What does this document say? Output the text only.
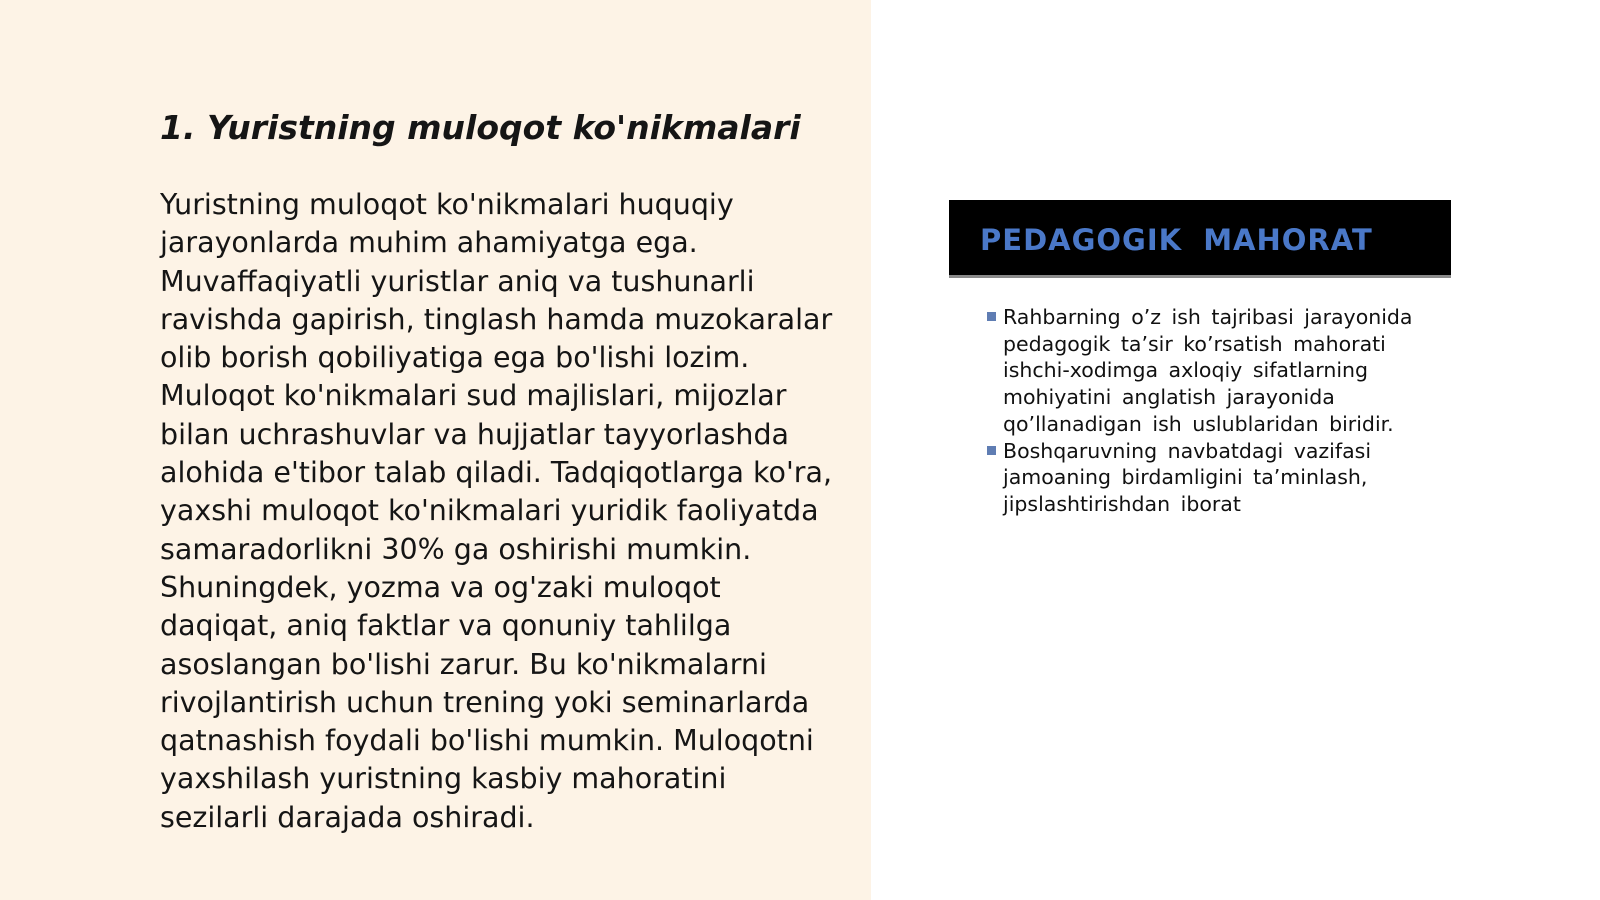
1. Yuristning muloqot ko'nikmalari

Yuristning muloqot ko'nikmalari huquqiy jarayonlarda muhim ahamiyatga ega. Muvaffaqiyatli yuristlar aniq va tushunarli ravishda gapirish, tinglash hamda muzokaralar olib borish qobiliyatiga ega bo'lishi lozim. Muloqot ko'nikmalari sud majlislari, mijozlar bilan uchrashuvlar va hujjatlar tayyorlashda alohida e'tibor talab qiladi. Tadqiqotlarga ko'ra, yaxshi muloqot ko'nikmalari yuridik faoliyatda samaradorlikni 30% ga oshirishi mumkin. Shuningdek, yozma va og'zaki muloqot daqiqat, aniq faktlar va qonuniy tahlilga asoslangan bo'lishi zarur. Bu ko'nikmalarni rivojlantirish uchun trening yoki seminarlarda qatnashish foydali bo'lishi mumkin. Muloqotni yaxshilash yuristning kasbiy mahoratini sezilarli darajada oshiradi.

PEDAGOGIK MAHORAT
Rahbarning o’z ish tajribasi jarayonida pedagogik ta’sir ko’rsatish mahorati ishchi-xodimga axloqiy sifatlarning mohiyatini anglatish jarayonida qo’llanadigan ish uslublaridan biridir.
Boshqaruvning navbatdagi vazifasi jamoaning birdamligini ta’minlash, jipslashtirishdan iborat
